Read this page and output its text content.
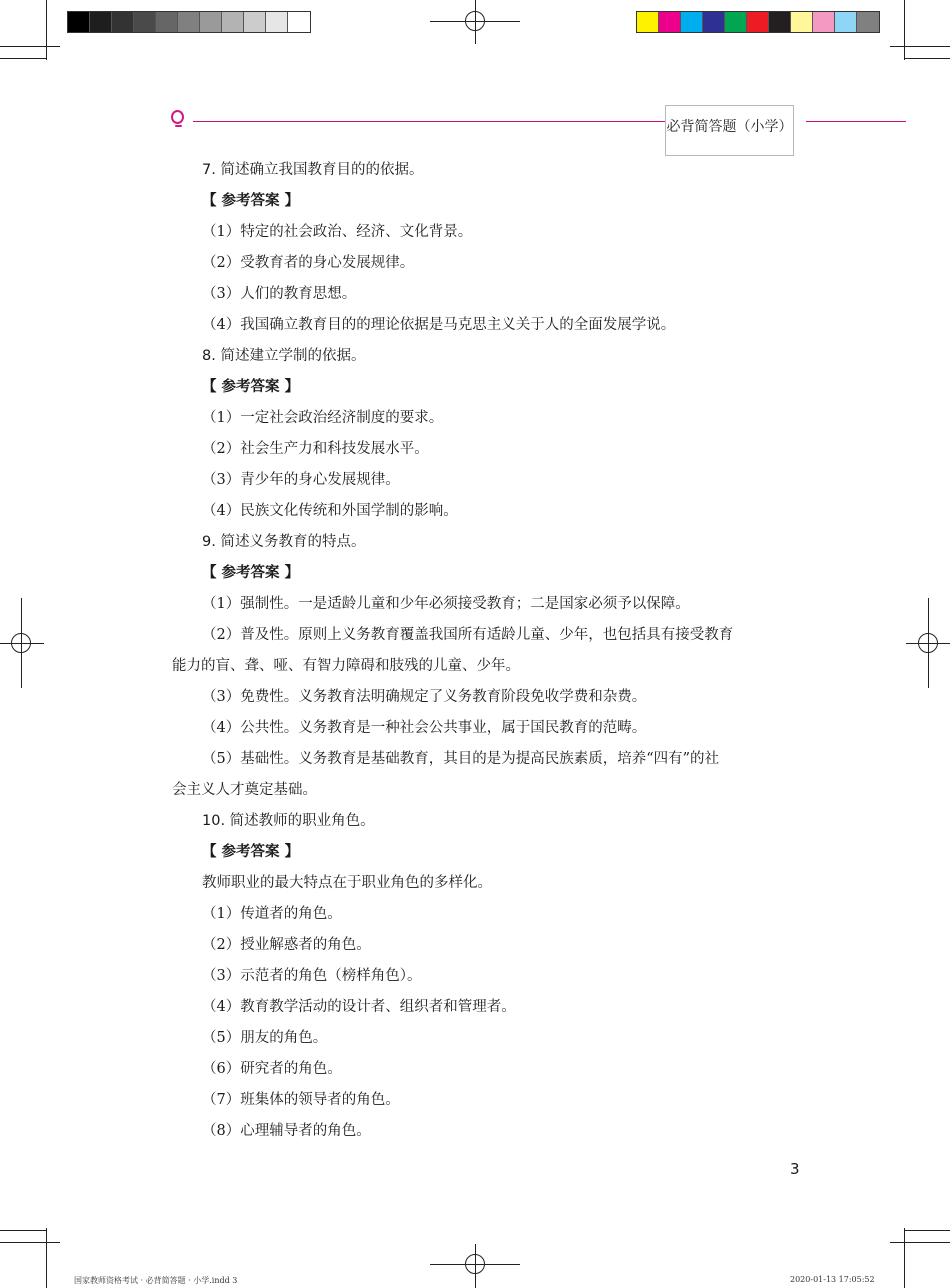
必背简答题（小学）
7. 简述确立我国教育目的的依据。
【 参考答案 】
（1）特定的社会政治、经济、文化背景。
（2）受教育者的身心发展规律。
（3）人们的教育思想。
（4）我国确立教育目的的理论依据是马克思主义关于人的全面发展学说。
8. 简述建立学制的依据。
【 参考答案 】
（1）一定社会政治经济制度的要求。
（2）社会生产力和科技发展水平。
（3）青少年的身心发展规律。
（4）民族文化传统和外国学制的影响。
9. 简述义务教育的特点。
【 参考答案 】
（1）强制性。一是适龄儿童和少年必须接受教育；二是国家必须予以保障。
（2）普及性。原则上义务教育覆盖我国所有适龄儿童、少年，也包括具有接受教育
能力的盲、聋、哑、有智力障碍和肢残的儿童、少年。
（3）免费性。义务教育法明确规定了义务教育阶段免收学费和杂费。
（4）公共性。义务教育是一种社会公共事业，属于国民教育的范畴。
（5）基础性。义务教育是基础教育，其目的是为提高民族素质，培养“四有”的社
会主义人才奠定基础。
10. 简述教师的职业角色。
【 参考答案 】
教师职业的最大特点在于职业角色的多样化。
（1）传道者的角色。
（2）授业解惑者的角色。
（3）示范者的角色（榜样角色）。
（4）教育教学活动的设计者、组织者和管理者。
（5）朋友的角色。
（6）研究者的角色。
（7）班集体的领导者的角色。
（8）心理辅导者的角色。
3
国家教师资格考试 · 必背简答题 · 小学.indd 3	2020-01-13 17:05:52
